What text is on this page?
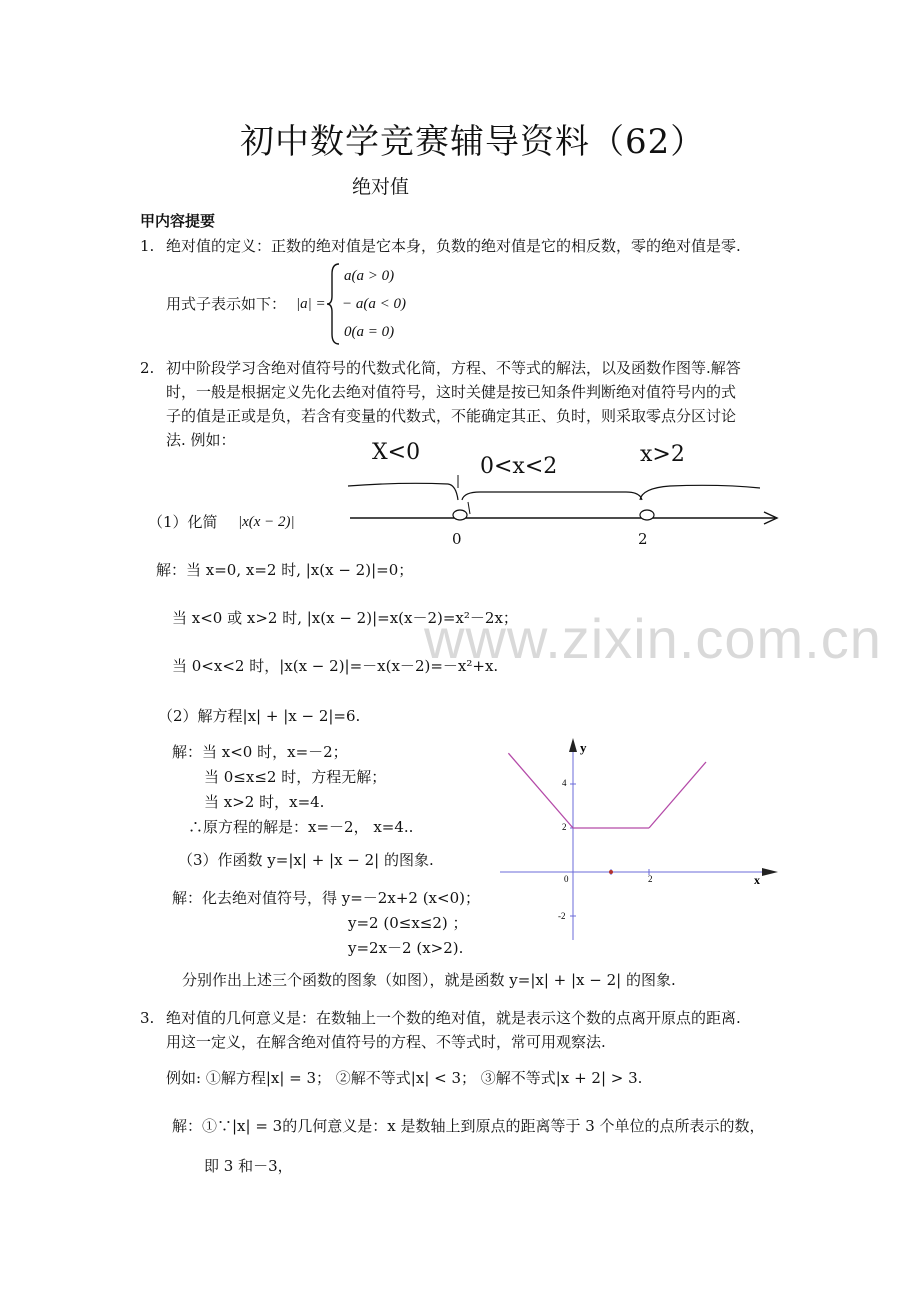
初中数学竞赛辅导资料（62）
绝对值
甲内容提要
1. 绝对值的定义：正数的绝对值是它本身，负数的绝对值是它的相反数，零的绝对值是零.
用式子表示如下： |a| =
a(a > 0)
− a(a < 0)
0(a = 0)
2. 初中阶段学习含绝对值符号的代数式化简，方程、不等式的解法，以及函数作图等.解答
时，一般是根据定义先化去绝对值符号，这时关健是按已知条件判断绝对值符号内的式
子的值是正或是负，若含有变量的代数式，不能确定其正、负时，则采取零点分区讨论
法. 例如：	X<0
0<x<2	x>2
0	2
（1）化简 |x(x − 2)|
解：当 x=0, x=2 时, |x(x − 2)|=0；
当 x<0 或 x>2 时, |x(x − 2)|=x(x－2)=x²－2x；
当 0<x<2 时，|x(x − 2)|=－x(x－2)=－x²+x.
www.zixin.com.cn
（2）解方程|x| + |x − 2|=6.
解：当 x<0 时，x=－2；
当 0≤x≤2 时，方程无解；
当 x>2 时，x=4.
∴原方程的解是：x=－2， x=4..
（3）作函数 y=|x| + |x − 2| 的图象.
解：化去绝对值符号，得 y=－2x+2 (x<0)；
y=2 (0≤x≤2) ；
y=2x－2 (x>2).
分别作出上述三个函数的图象（如图），就是函数 y=|x| + |x − 2| 的图象.
y
x
4
2
-2
0	2
3. 绝对值的几何意义是：在数轴上一个数的绝对值，就是表示这个数的点离开原点的距离.
用这一定义，在解含绝对值符号的方程、不等式时，常可用观察法.
例如: ①解方程|x| = 3； ②解不等式|x| < 3； ③解不等式|x + 2| > 3.
解：①∵|x| = 3的几何意义是：x 是数轴上到原点的距离等于 3 个单位的点所表示的数，
即 3 和－3，
